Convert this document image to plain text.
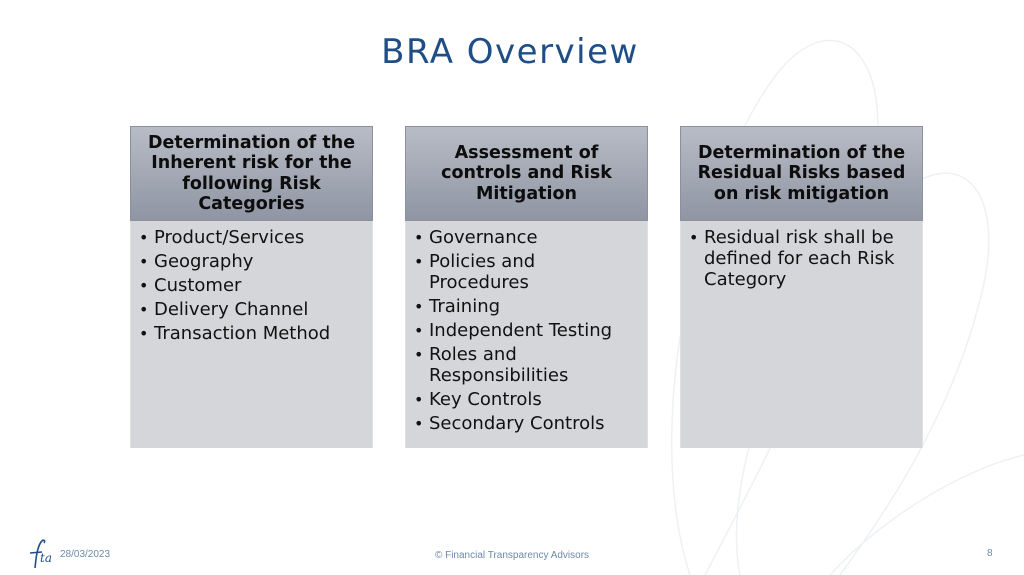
BRA Overview
Determination of the Inherent risk for the following Risk Categories
• Product/Services
• Geography
• Customer
• Delivery Channel
• Transaction Method
Assessment of controls and Risk Mitigation
• Governance
• Policies and Procedures
• Training
• Independent Testing
• Roles and Responsibilities
• Key Controls
• Secondary Controls
Determination of the Residual Risks based on risk mitigation
• Residual risk shall be defined for each Risk Category
ta 28/03/2023	© Financial Transparency Advisors	8
